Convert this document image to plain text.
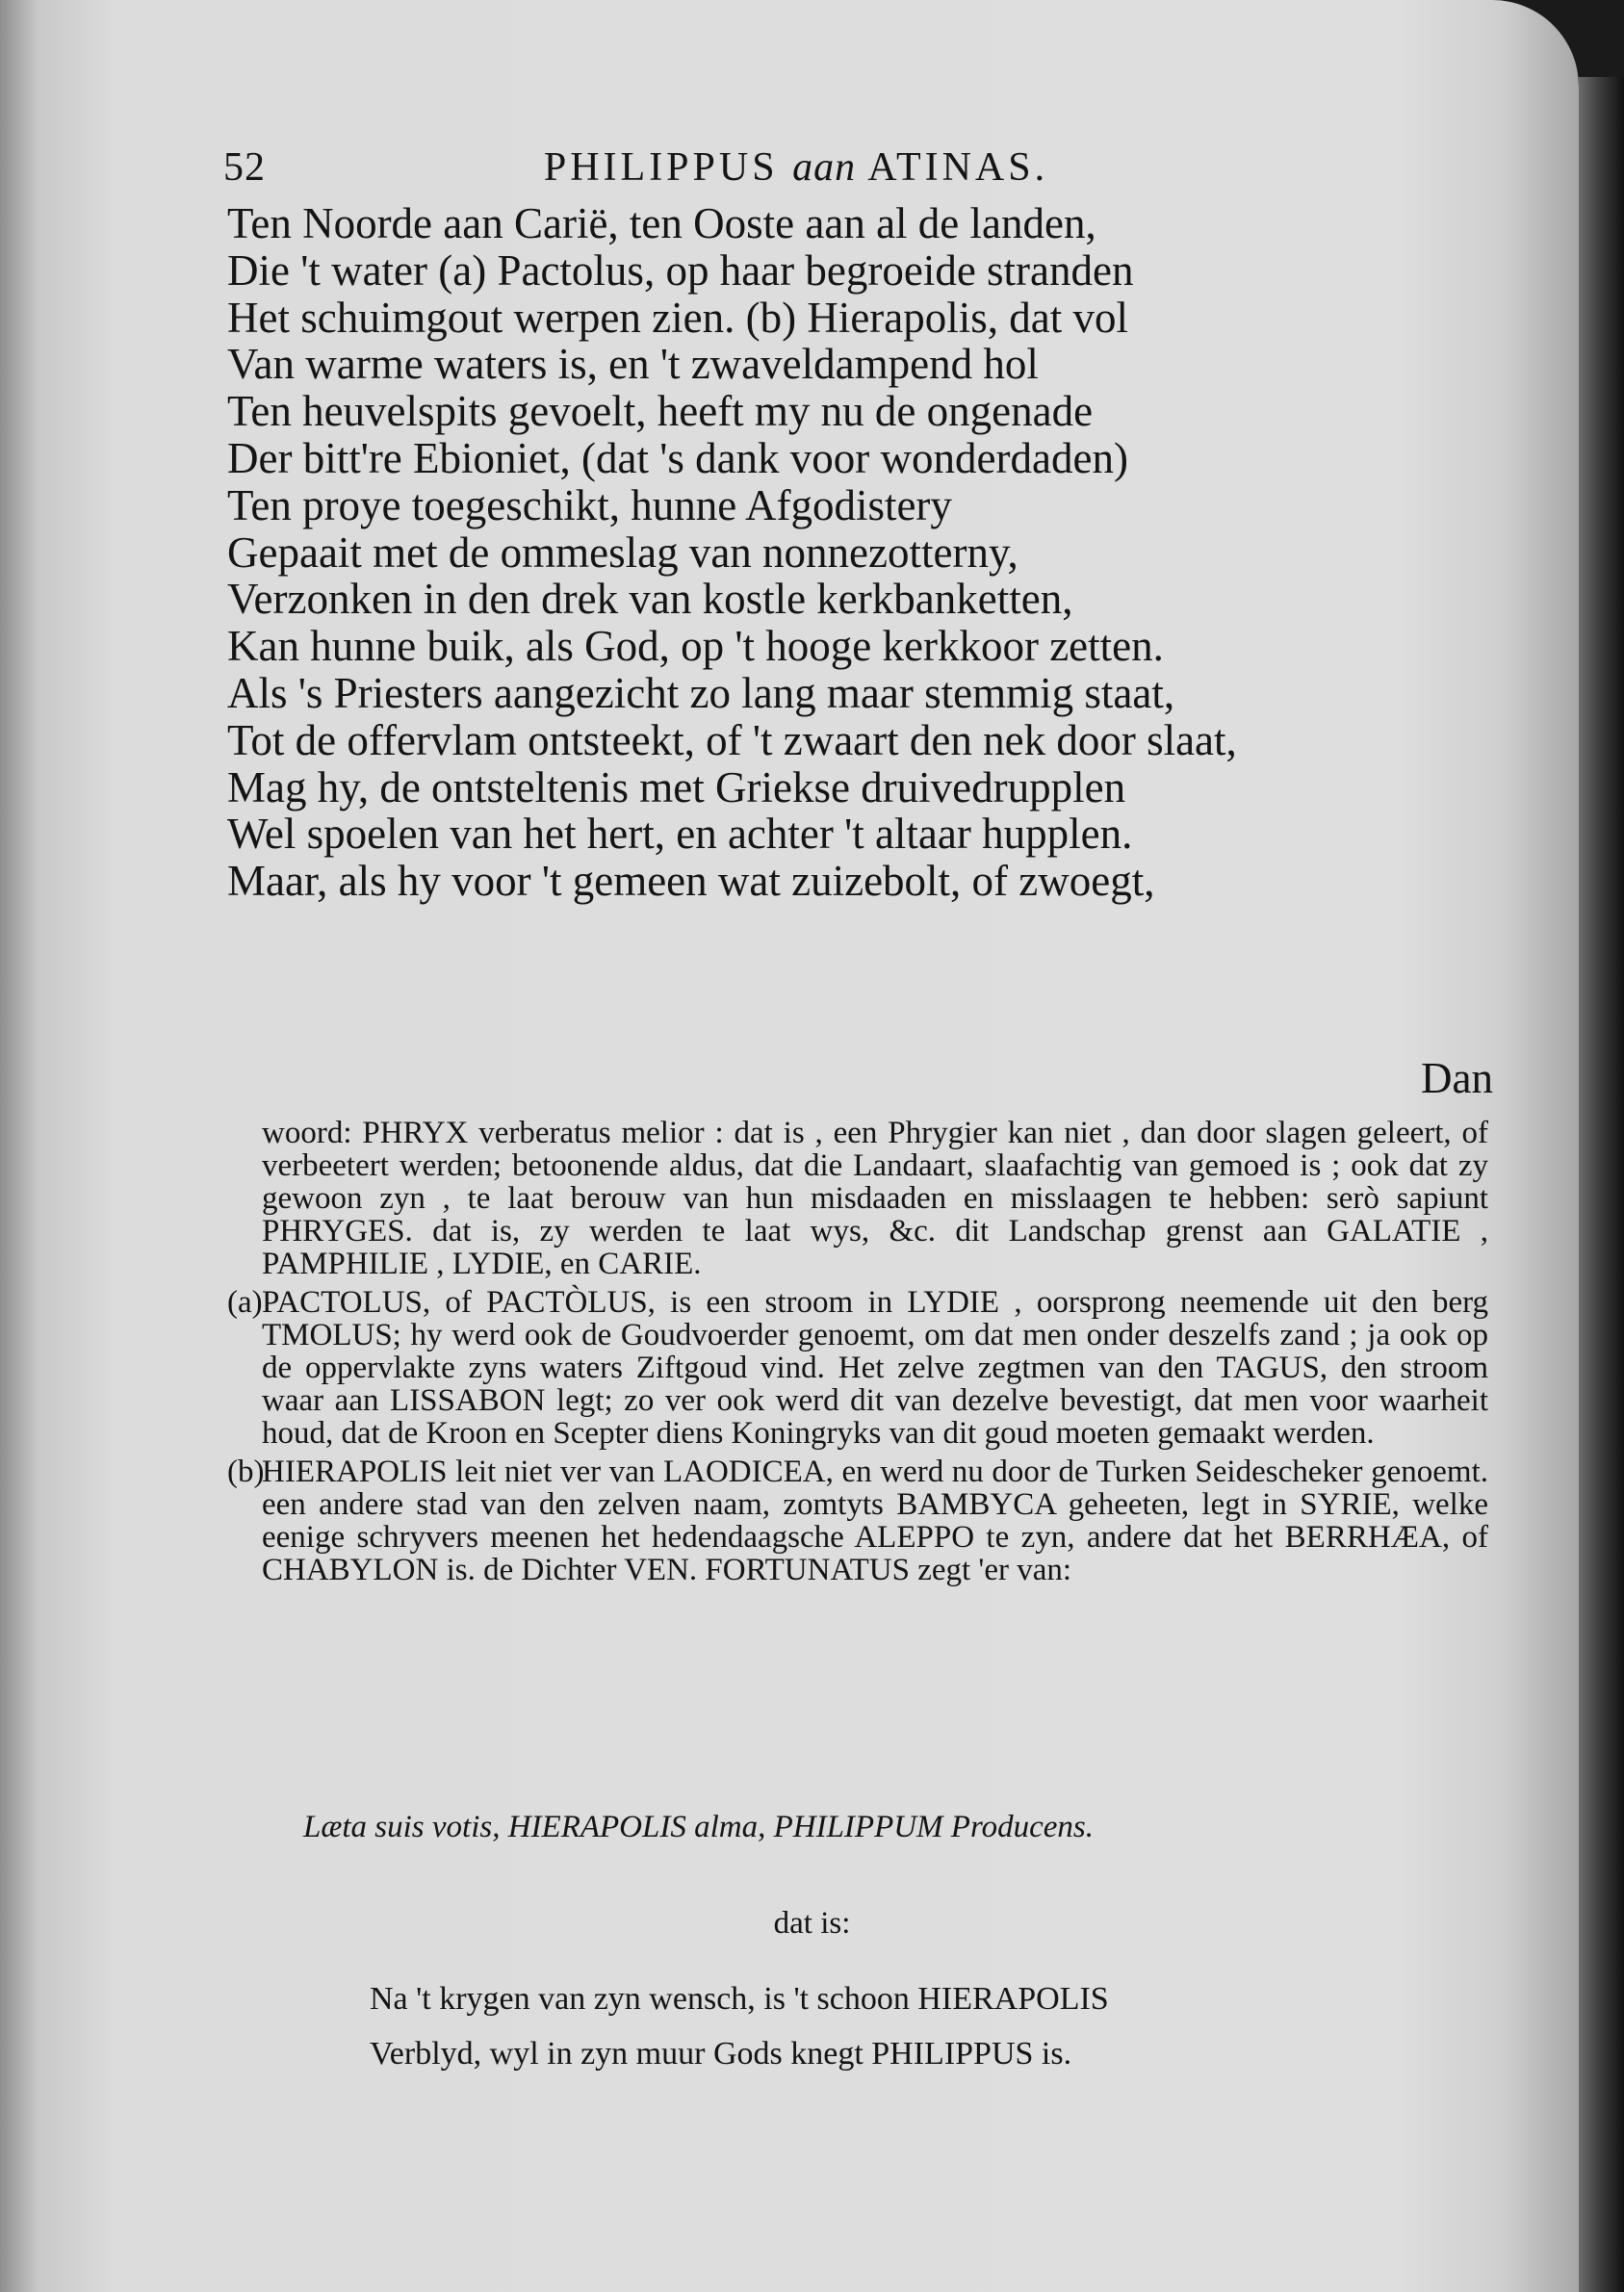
52	PHILIPPUS aan ATINAS.
Ten Noorde aan Carië, ten Ooste aan al de landen,
Die 't water (a) Pactolus, op haar begroeide stranden
Het schuimgout werpen zien. (b) Hierapolis, dat vol
Van warme waters is, en 't zwaveldampend hol
Ten heuvelspits gevoelt, heeft my nu de ongenade
Der bitt're Ebioniet, (dat 's dank voor wonderdaden)
Ten proye toegeschikt, hunne Afgodistery
Gepaait met de ommeslag van nonnezotterny,
Verzonken in den drek van kostle kerkbanketten,
Kan hunne buik, als God, op 't hooge kerkkoor zetten.
Als 's Priesters aangezicht zo lang maar stemmig staat,
Tot de offervlam ontsteekt, of 't zwaart den nek door slaat,
Mag hy, de ontsteltenis met Griekse druivedrupplen
Wel spoelen van het hert, en achter 't altaar hupplen.
Maar, als hy voor 't gemeen wat zuizebolt, of zwoegt,
Dan
woord: PHRYX verberatus melior : dat is , een Phrygier kan niet , dan door slagen geleert, of verbeetert werden; betoonende aldus, dat die Landaart, slaafachtig van gemoed is ; ook dat zy gewoon zyn , te laat berouw van hun misdaaden en misslaagen te hebben: serò sapiunt PHRYGES. dat is, zy werden te laat wys, &c. dit Landschap grenst aan GALATIE , PAMPHILIE , LYDIE, en CARIE.
(a) PACTOLUS, of PACTÒLUS, is een stroom in LYDIE , oorsprong neemende uit den berg TMOLUS; hy werd ook de Goudvoerder genoemt, om dat men onder deszelfs zand ; ja ook op de oppervlakte zyns waters Ziftgoud vind. Het zelve zegtmen van den TAGUS, den stroom waar aan LISSABON legt; zo ver ook werd dit van dezelve bevestigt, dat men voor waarheit houd, dat de Kroon en Scepter diens Koningryks van dit goud moeten gemaakt werden.
(b)
HIERAPOLIS leit niet ver van LAODICEA, en werd nu door de Turken Seidescheker genoemt. een andere stad van den zelven naam, zomtyts BAMBYCA geheeten, legt in SYRIE, welke eenige schryvers meenen het hedendaagsche ALEPPO te zyn, andere dat het BERRHÆA, of CHABYLON is. de Dichter VEN. FORTUNATUS zegt 'er van:
Læta suis votis, HIERAPOLIS alma, PHILIPPUM Producens.
dat is:
Na 't krygen van zyn wensch, is 't schoon HIERAPOLIS
Verblyd, wyl in zyn muur Gods knegt PHILIPPUS is.
